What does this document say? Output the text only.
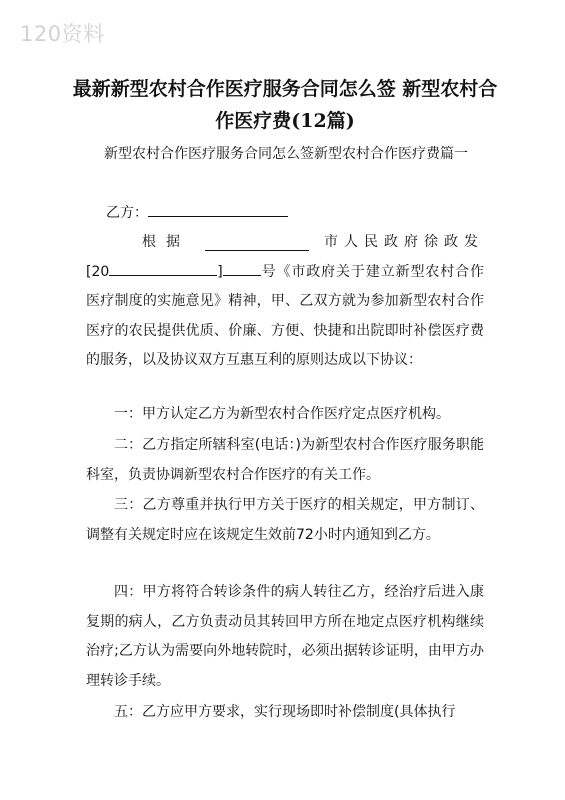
120资料
最新新型农村合作医疗服务合同怎么签 新型农村合作医疗费(12篇)

新型农村合作医疗服务合同怎么签新型农村合作医疗费篇一

乙方：

根据	市人民政府徐政发
[20	]	号《市政府关于建立新型农村合作医疗制度的实施意见》精神，甲、乙双方就为参加新型农村合作医疗的农民提供优质、价廉、方便、快捷和出院即时补偿医疗费的服务，以及协议双方互惠互利的原则达成以下协议：

一：甲方认定乙方为新型农村合作医疗定点医疗机构。

二：乙方指定所辖科室(电话：)为新型农村合作医疗服务职能科室，负责协调新型农村合作医疗的有关工作。

三：乙方尊重并执行甲方关于医疗的相关规定，甲方制订、调整有关规定时应在该规定生效前72小时内通知到乙方。

四：甲方将符合转诊条件的病人转往乙方，经治疗后进入康复期的病人，乙方负责动员其转回甲方所在地定点医疗机构继续治疗;乙方认为需要向外地转院时，必须出据转诊证明，由甲方办理转诊手续。

五：乙方应甲方要求，实行现场即时补偿制度(具体执行
